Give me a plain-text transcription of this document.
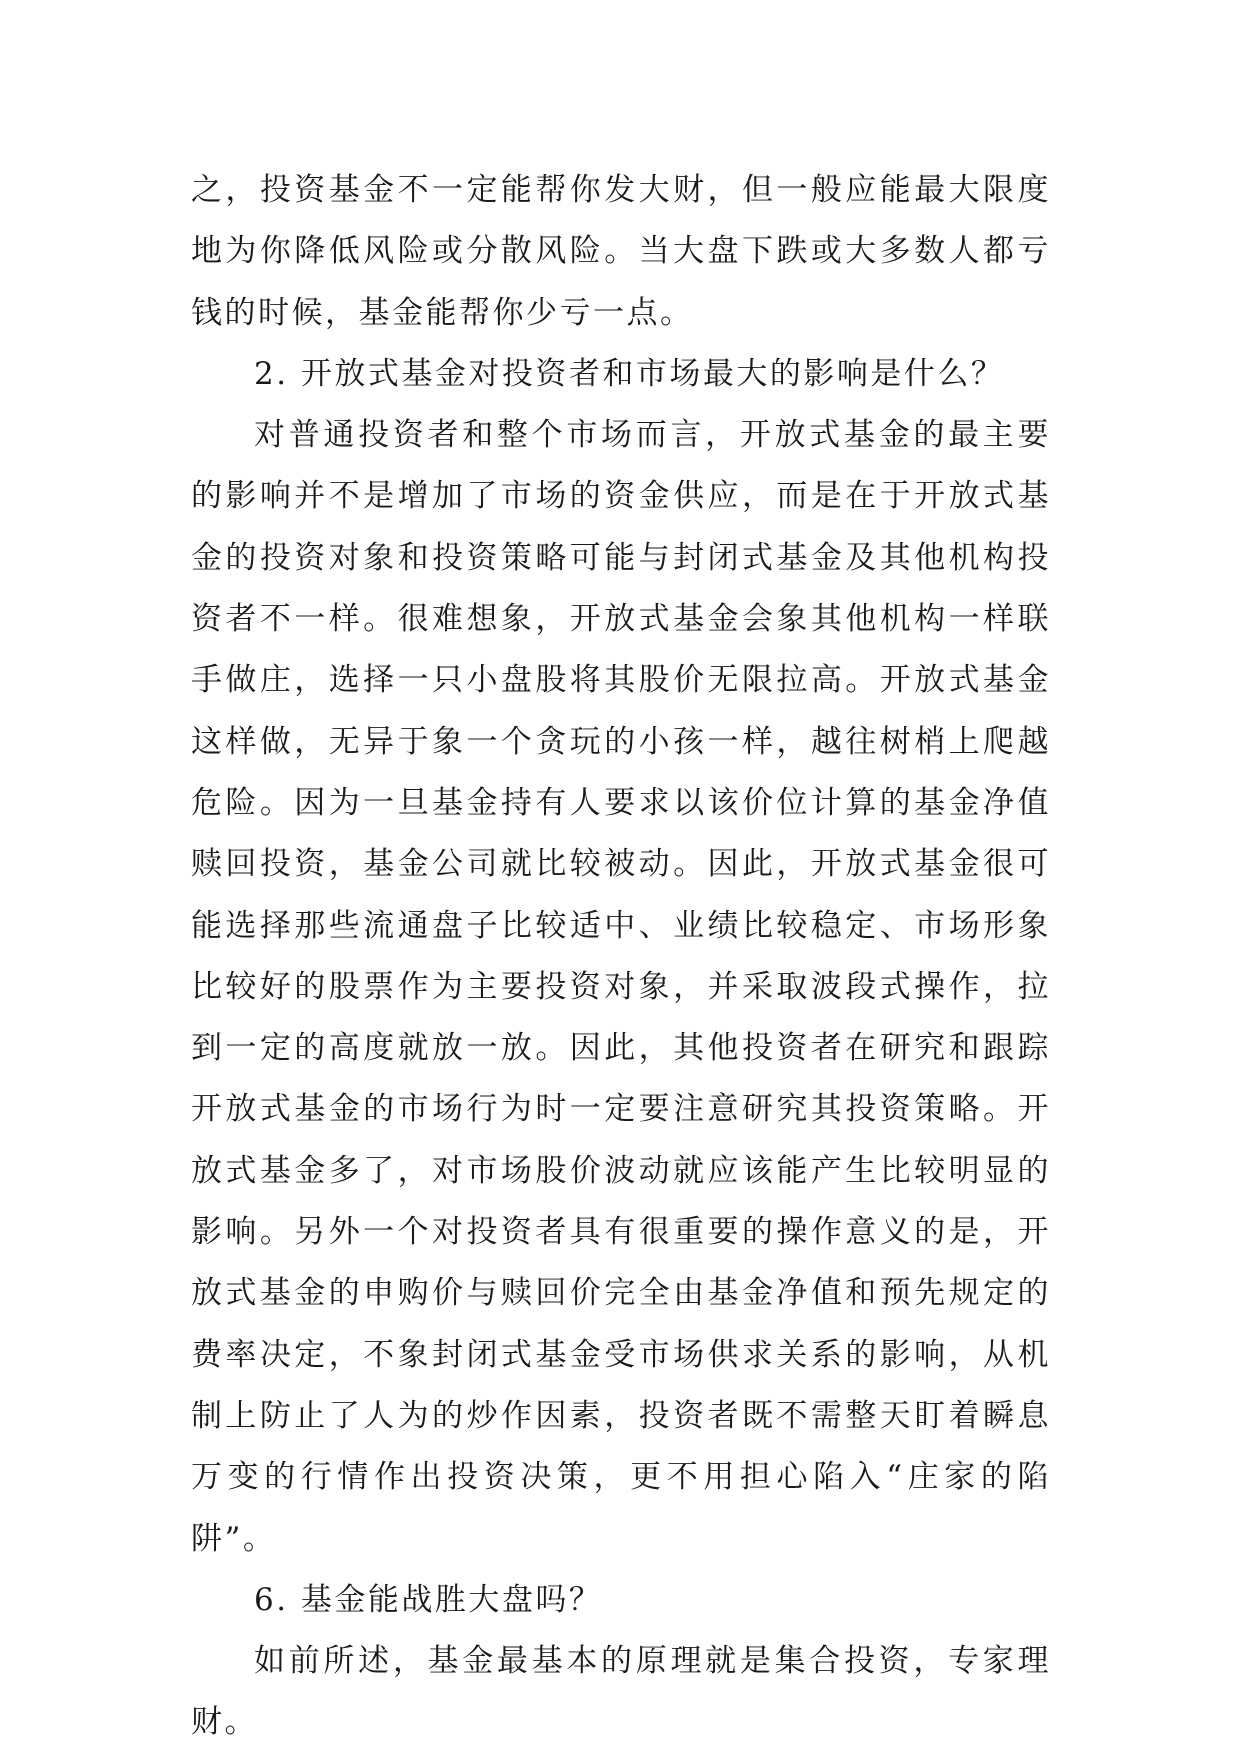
之，投资基金不一定能帮你发大财，但一般应能最大限度地为你降低风险或分散风险。当大盘下跌或大多数人都亏钱的时候，基金能帮你少亏一点。

2. 开放式基金对投资者和市场最大的影响是什么？

对普通投资者和整个市场而言，开放式基金的最主要的影响并不是增加了市场的资金供应，而是在于开放式基金的投资对象和投资策略可能与封闭式基金及其他机构投资者不一样。很难想象，开放式基金会象其他机构一样联手做庄，选择一只小盘股将其股价无限拉高。开放式基金这样做，无异于象一个贪玩的小孩一样，越往树梢上爬越危险。因为一旦基金持有人要求以该价位计算的基金净值赎回投资，基金公司就比较被动。因此，开放式基金很可能选择那些流通盘子比较适中、业绩比较稳定、市场形象比较好的股票作为主要投资对象，并采取波段式操作，拉到一定的高度就放一放。因此，其他投资者在研究和跟踪开放式基金的市场行为时一定要注意研究其投资策略。开放式基金多了，对市场股价波动就应该能产生比较明显的影响。另外一个对投资者具有很重要的操作意义的是，开放式基金的申购价与赎回价完全由基金净值和预先规定的费率决定，不象封闭式基金受市场供求关系的影响，从机制上防止了人为的炒作因素，投资者既不需整天盯着瞬息万变的行情作出投资决策，更不用担心陷入“庄家的陷阱”。

6. 基金能战胜大盘吗？

如前所述，基金最基本的原理就是集合投资，专家理财。
